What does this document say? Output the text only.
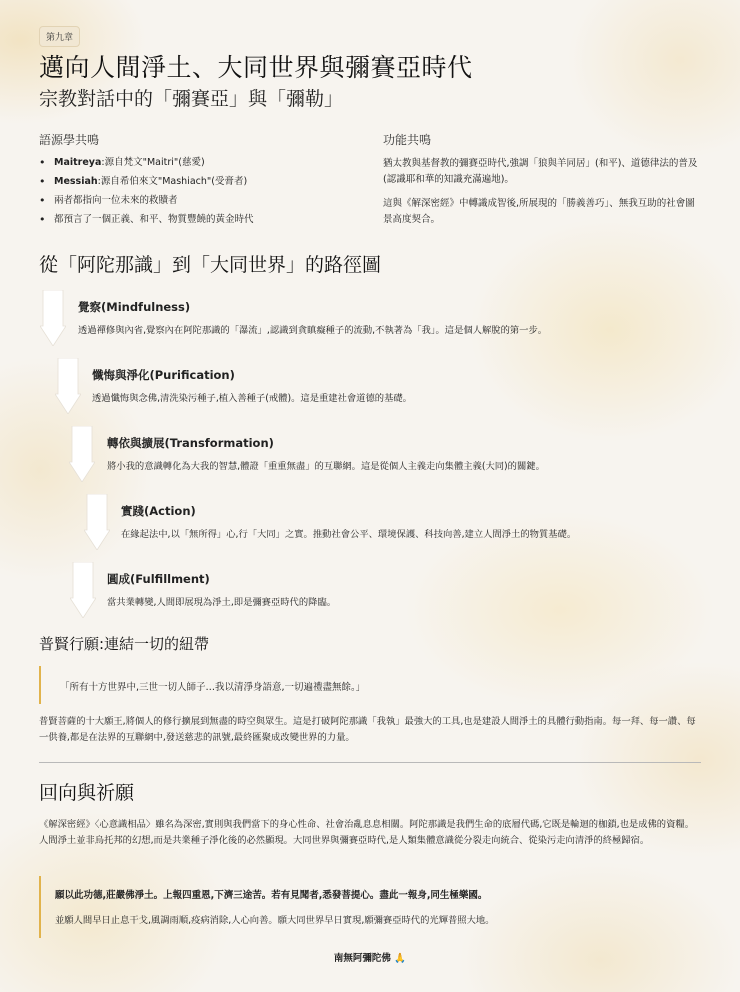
第九章
邁向人間淨土、大同世界與彌賽亞時代
宗教對話中的「彌賽亞」與「彌勒」
語源學共鳴
• Maitreya:源自梵文"Maitri"(慈愛)
• Messiah:源自希伯來文"Mashiach"(受膏者)
• 兩者都指向一位未來的救贖者
• 都預言了一個正義、和平、物質豐饒的黃金時代
功能共鳴

猶太教與基督教的彌賽亞時代,強調「狼與羊同居」(和平)、道德律法的普及(認識耶和華的知識充滿遍地)。

這與《解深密經》中轉識成智後,所展現的「勝義善巧」、無我互助的社會圖景高度契合。

從「阿陀那識」到「大同世界」的路徑圖
覺察(Mindfulness)
透過禪修與內省,覺察內在阿陀那識的「瀑流」,認識到貪瞋癡種子的流動,不執著為「我」。這是個人解脫的第一步。
懺悔與淨化(Purification)
透過懺悔與念佛,清洗染污種子,植入善種子(戒體)。這是重建社會道德的基礎。
轉依與擴展(Transformation)
將小我的意識轉化為大我的智慧,體證「重重無盡」的互聯網。這是從個人主義走向集體主義(大同)的關鍵。
實踐(Action)
在緣起法中,以「無所得」心,行「大同」之實。推動社會公平、環境保護、科技向善,建立人間淨土的物質基礎。
圓成(Fulfillment)
當共業轉變,人間即展現為淨土,即是彌賽亞時代的降臨。
普賢行願:連結一切的紐帶
「所有十方世界中,三世一切人師子…我以清淨身語意,一切遍禮盡無餘。」

普賢菩薩的十大願王,將個人的修行擴展到無盡的時空與眾生。這是打破阿陀那識「我執」最強大的工具,也是建設人間淨土的具體行動指南。每一拜、每一讚、每一供養,都是在法界的互聯網中,發送慈悲的訊號,最終匯聚成改變世界的力量。

回向與祈願

《解深密經》〈心意識相品〉雖名為深密,實則與我們當下的身心性命、社會治亂息息相關。阿陀那識是我們生命的底層代碼,它既是輪迴的枷鎖,也是成佛的資糧。人間淨土並非烏托邦的幻想,而是共業種子淨化後的必然顯現。大同世界與彌賽亞時代,是人類集體意識從分裂走向統合、從染污走向清淨的終極歸宿。

願以此功德,莊嚴佛淨土。上報四重恩,下濟三途苦。若有見聞者,悉發菩提心。盡此一報身,同生極樂國。
並願人間早日止息干戈,風調雨順,疫病消除,人心向善。願大同世界早日實現,願彌賽亞時代的光輝普照大地。
南無阿彌陀佛 🙏
